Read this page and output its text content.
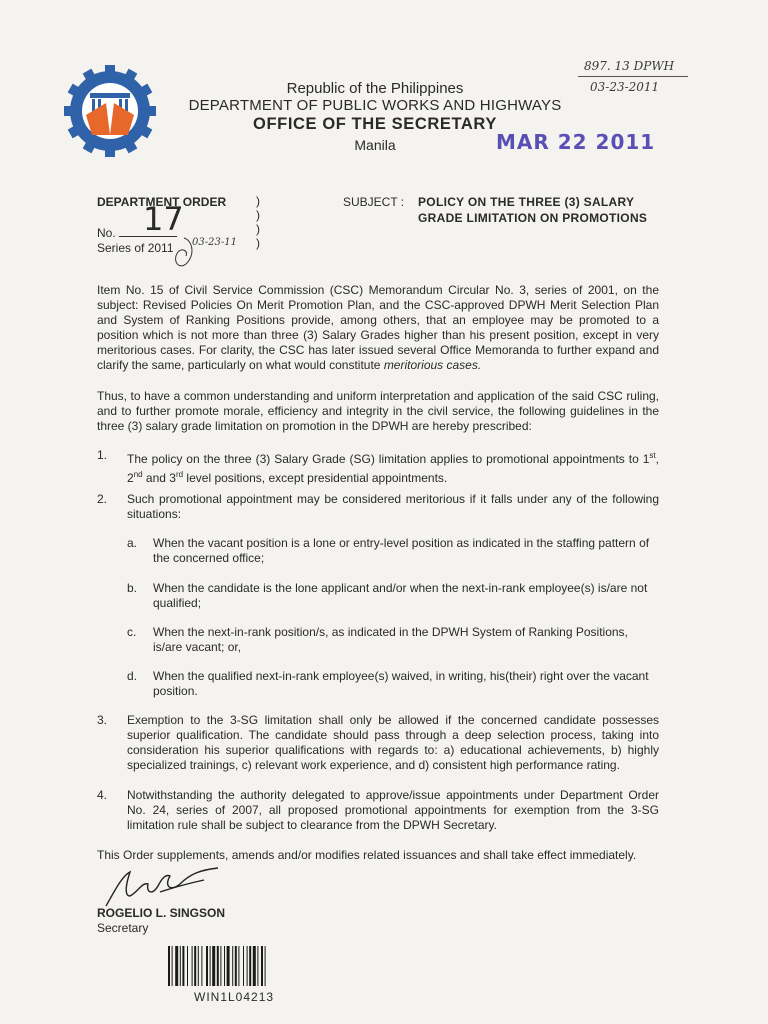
Republic of the Philippines
DEPARTMENT OF PUBLIC WORKS AND HIGHWAYS
OFFICE OF THE SECRETARY
Manila
897. 13 DPWH
03-23-2011
MAR 22 2011
DEPARTMENT ORDER
No. 17
Series of 2011 03-23-11
)
)
)
)
SUBJECT : POLICY ON THE THREE (3) SALARY
GRADE LIMITATION ON PROMOTIONS
Item No. 15 of Civil Service Commission (CSC) Memorandum Circular No. 3, series of 2001, on the subject: Revised Policies On Merit Promotion Plan, and the CSC-approved DPWH Merit Selection Plan and System of Ranking Positions provide, among others, that an employee may be promoted to a position which is not more than three (3) Salary Grades higher than his present position, except in very meritorious cases. For clarity, the CSC has later issued several Office Memoranda to further expand and clarify the same, particularly on what would constitute meritorious cases.
Thus, to have a common understanding and uniform interpretation and application of the said CSC ruling, and to further promote morale, efficiency and integrity in the civil service, the following guidelines in the three (3) salary grade limitation on promotion in the DPWH are hereby prescribed:
1. The policy on the three (3) Salary Grade (SG) limitation applies to promotional appointments to 1st, 2nd and 3rd level positions, except presidential appointments.
2. Such promotional appointment may be considered meritorious if it falls under any of the following situations:
a. When the vacant position is a lone or entry-level position as indicated in the staffing pattern of the concerned office;
b. When the candidate is the lone applicant and/or when the next-in-rank employee(s) is/are not qualified;
c. When the next-in-rank position/s, as indicated in the DPWH System of Ranking Positions, is/are vacant; or,
d. When the qualified next-in-rank employee(s) waived, in writing, his(their) right over the vacant position.
3. Exemption to the 3-SG limitation shall only be allowed if the concerned candidate possesses superior qualification. The candidate should pass through a deep selection process, taking into consideration his superior qualifications with regards to: a) educational achievements, b) highly specialized trainings, c) relevant work experience, and d) consistent high performance rating.
4. Notwithstanding the authority delegated to approve/issue appointments under Department Order No. 24, series of 2007, all proposed promotional appointments for exemption from the 3-SG limitation rule shall be subject to clearance from the DPWH Secretary.
This Order supplements, amends and/or modifies related issuances and shall take effect immediately.
ROGELIO L. SINGSON
Secretary
WIN1L04213
